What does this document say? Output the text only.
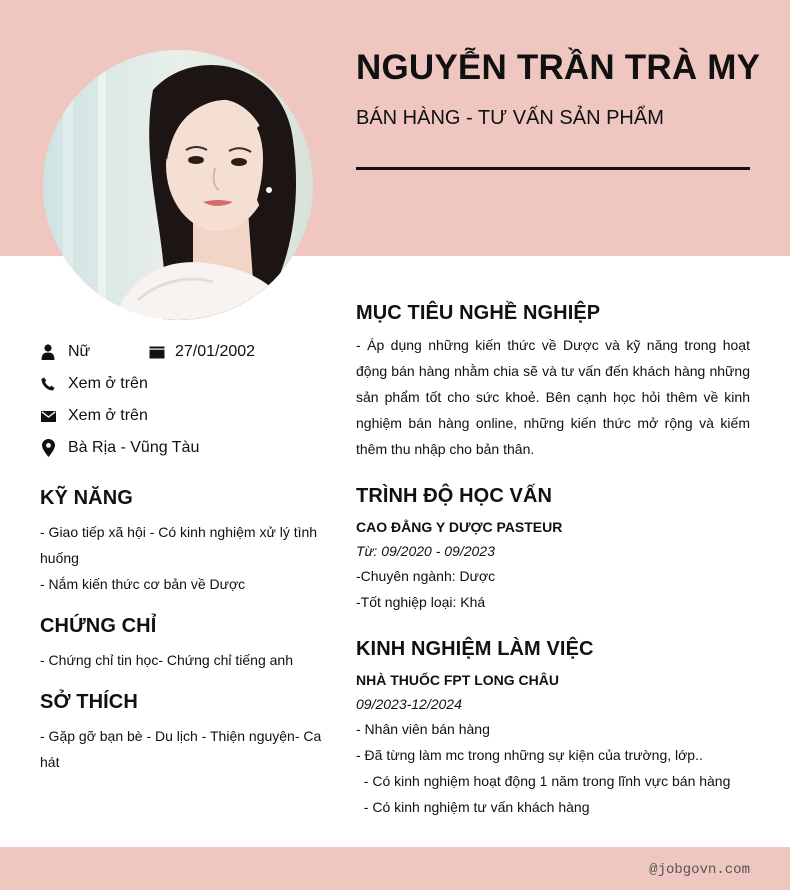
NGUYỄN TRẦN TRÀ MY
BÁN HÀNG - TƯ VẤN SẢN PHẨM
Nữ	27/01/2002
Xem ở trên
Xem ở trên
Bà Rịa - Vũng Tàu
KỸ NĂNG
- Giao tiếp xã hội - Có kinh nghiệm xử lý tình huống
- Nắm kiến thức cơ bản về Dược
CHỨNG CHỈ
- Chứng chỉ tin học- Chứng chỉ tiếng anh
SỞ THÍCH
- Gặp gỡ bạn bè - Du lịch - Thiện nguyện- Ca hát
MỤC TIÊU NGHỀ NGHIỆP
- Áp dụng những kiến thức về Dược và kỹ năng trong hoạt động bán hàng nhằm chia sẽ và tư vấn đến khách hàng những sản phẩm tốt cho sức khoẻ. Bên cạnh học hỏi thêm về kinh nghiệm bán hàng online, những kiến thức mở rộng và kiếm thêm thu nhập cho bản thân.
TRÌNH ĐỘ HỌC VẤN
CAO ĐẲNG Y DƯỢC PASTEUR
Từ: 09/2020 - 09/2023
-Chuyên ngành: Dược
-Tốt nghiệp loại: Khá
KINH NGHIỆM LÀM VIỆC
NHÀ THUỐC FPT LONG CHÂU
09/2023-12/2024
- Nhân viên bán hàng
- Đã từng làm mc trong những sự kiện của trường, lớp..
- Có kinh nghiệm hoạt động 1 năm trong lĩnh vực bán hàng
- Có kinh nghiệm tư vấn khách hàng
@jobgovn.com
